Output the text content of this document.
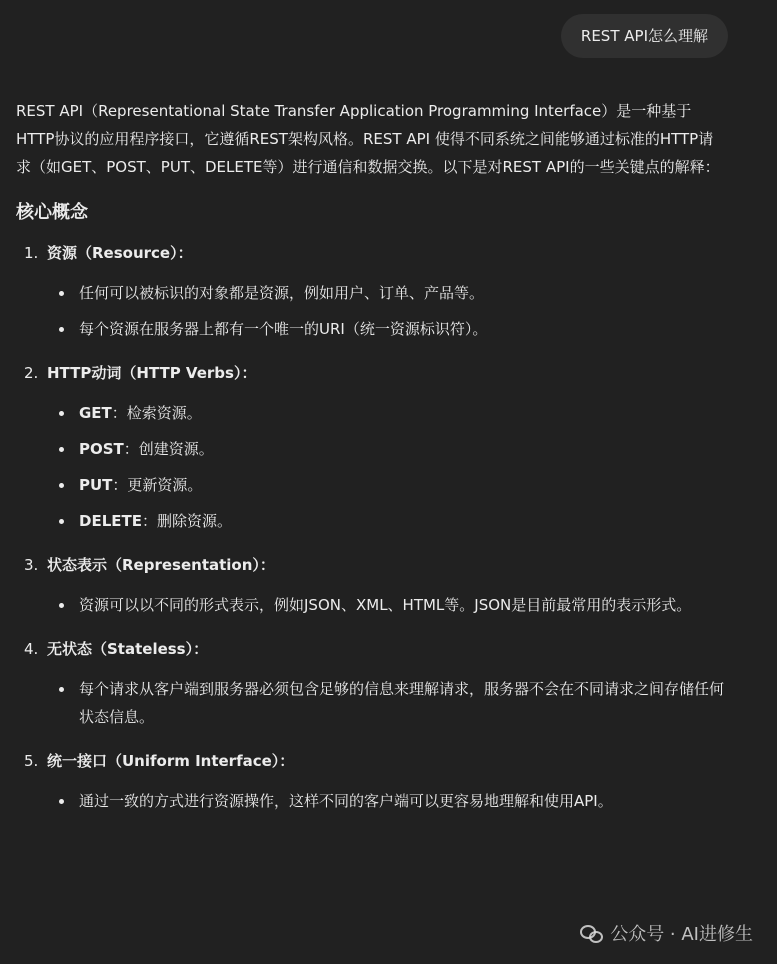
REST API怎么理解

REST API（Representational State Transfer Application Programming Interface）是一种基于HTTP协议的应用程序接口，它遵循REST架构风格。REST API 使得不同系统之间能够通过标准的HTTP请求（如GET、POST、PUT、DELETE等）进行通信和数据交换。以下是对REST API的一些关键点的解释：

核心概念
1. 资源（Resource）：
任何可以被标识的对象都是资源，例如用户、订单、产品等。
每个资源在服务器上都有一个唯一的URI（统一资源标识符）。
2. HTTP动词（HTTP Verbs）：
GET：检索资源。
POST：创建资源。
PUT：更新资源。
DELETE：删除资源。
3. 状态表示（Representation）：
资源可以以不同的形式表示，例如JSON、XML、HTML等。JSON是目前最常用的表示形式。
4. 无状态（Stateless）：
每个请求从客户端到服务器必须包含足够的信息来理解请求，服务器不会在不同请求之间存储任何状态信息。
5. 统一接口（Uniform Interface）：
通过一致的方式进行资源操作，这样不同的客户端可以更容易地理解和使用API。
公众号 · AI进修生
